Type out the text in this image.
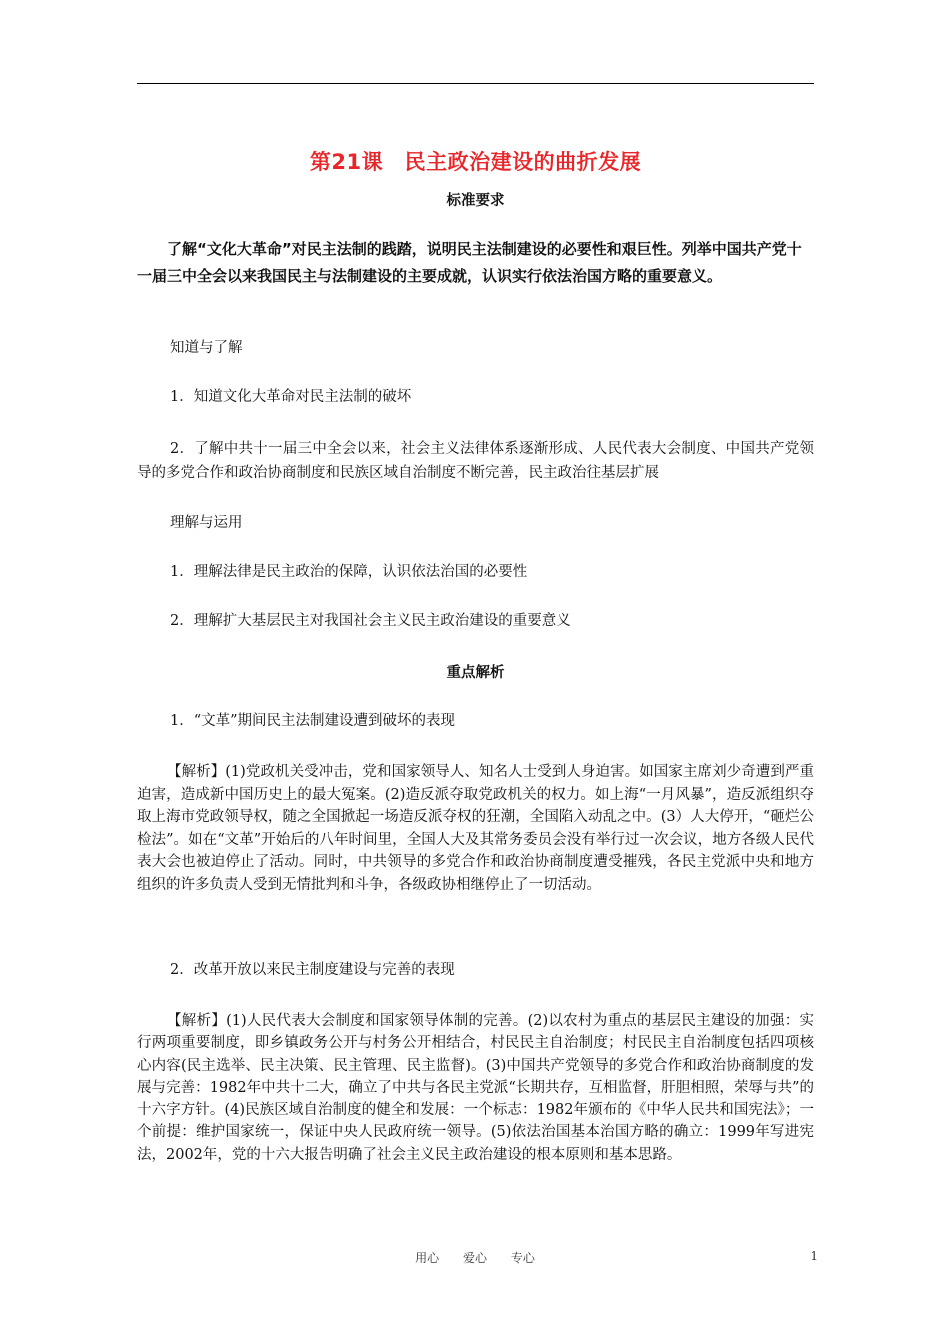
第21课　民主政治建设的曲折发展
标准要求
了解“文化大革命”对民主法制的践踏，说明民主法制建设的必要性和艰巨性。列举中国共产党十一届三中全会以来我国民主与法制建设的主要成就，认识实行依法治国方略的重要意义。
知道与了解
1．知道文化大革命对民主法制的破坏
2．了解中共十一届三中全会以来，社会主义法律体系逐渐形成、人民代表大会制度、中国共产党领导的多党合作和政治协商制度和民族区域自治制度不断完善，民主政治往基层扩展
理解与运用
1．理解法律是民主政治的保障，认识依法治国的必要性
2．理解扩大基层民主对我国社会主义民主政治建设的重要意义
重点解析
1．“文革”期间民主法制建设遭到破坏的表现
【解析】(1)党政机关受冲击，党和国家领导人、知名人士受到人身迫害。如国家主席刘少奇遭到严重迫害，造成新中国历史上的最大冤案。(2)造反派夺取党政机关的权力。如上海“一月风暴”，造反派组织夺取上海市党政领导权，随之全国掀起一场造反派夺权的狂潮，全国陷入动乱之中。(3）人大停开，“砸烂公检法”。如在“文革”开始后的八年时间里，全国人大及其常务委员会没有举行过一次会议，地方各级人民代表大会也被迫停止了活动。同时，中共领导的多党合作和政治协商制度遭受摧残，各民主党派中央和地方组织的许多负责人受到无情批判和斗争，各级政协相继停止了一切活动。
2．改革开放以来民主制度建设与完善的表现
【解析】(1)人民代表大会制度和国家领导体制的完善。(2)以农村为重点的基层民主建设的加强：实行两项重要制度，即乡镇政务公开与村务公开相结合，村民民主自治制度；村民民主自治制度包括四项核心内容(民主选举、民主决策、民主管理、民主监督)。(3)中国共产党领导的多党合作和政治协商制度的发展与完善：1982年中共十二大，确立了中共与各民主党派“长期共存，互相监督，肝胆相照，荣辱与共”的十六字方针。(4)民族区域自治制度的健全和发展：一个标志：1982年颁布的《中华人民共和国宪法》；一个前提：维护国家统一，保证中央人民政府统一领导。(5)依法治国基本治国方略的确立：1999年写进宪法，2002年，党的十六大报告明确了社会主义民主政治建设的根本原则和基本思路。
用心 爱心 专心	1
